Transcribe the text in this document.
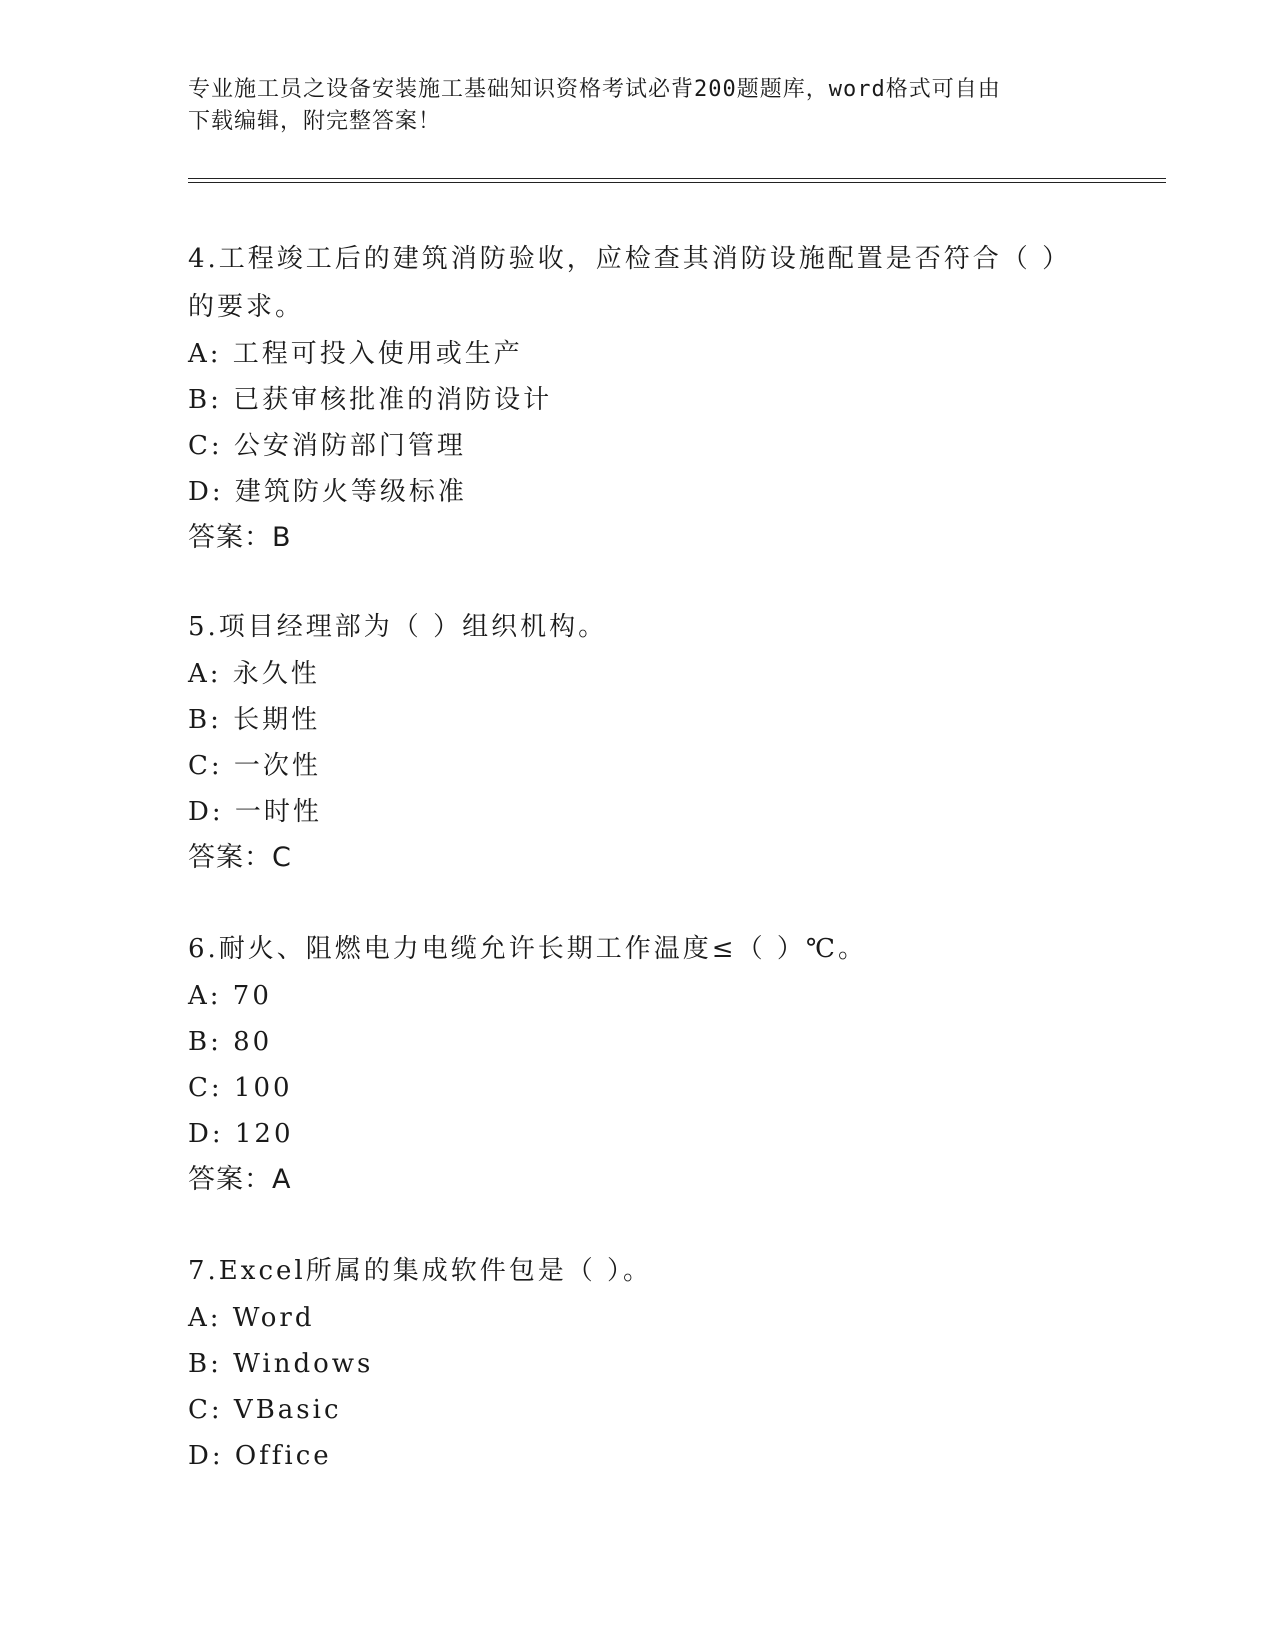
专业施工员之设备安装施工基础知识资格考试必背200题题库，word格式可自由
下载编辑，附完整答案！
4.工程竣工后的建筑消防验收，应检查其消防设施配置是否符合（ ）
的要求。
A: 工程可投入使用或生产
B: 已获审核批准的消防设计
C: 公安消防部门管理
D: 建筑防火等级标准
答案：B
5.项目经理部为（ ）组织机构。
A: 永久性
B: 长期性
C: 一次性
D: 一时性
答案：C
6.耐火、阻燃电力电缆允许长期工作温度≤（ ）℃。
A: 70
B: 80
C: 100
D: 120
答案：A
7.Excel所属的集成软件包是（ ）。
A: Word
B: Windows
C: VBasic
D: Office
